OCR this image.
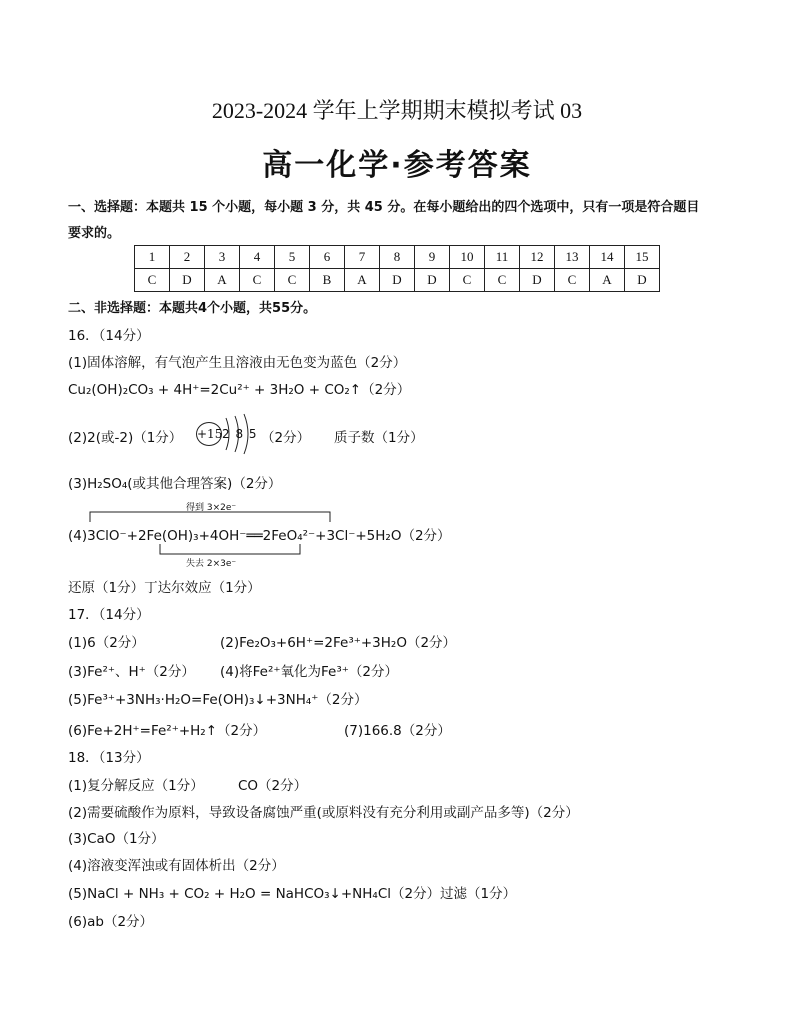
2023-2024 学年上学期期末模拟考试 03
高一化学·参考答案
一、选择题：本题共 15 个小题，每小题 3 分，共 45 分。在每小题给出的四个选项中，只有一项是符合题目
要求的。
1	2	3	4	5	6	7	8	9	10	11	12	13	14	15
C	D	A	C	C	B	A	D	D	C	C	D	C	A	D
二、非选择题：本题共4个小题，共55分。
16．（14分）
(1)固体溶解，有气泡产生且溶液由无色变为蓝色（2分）
Cu₂(OH)₂CO₃ + 4H⁺=2Cu²⁺ + 3H₂O + CO₂↑（2分）
(2)2(或-2)（1分） +15 2 8 5 （2分） 质子数（1分）
(3)H₂SO₄(或其他合理答案)（2分）
得到 3×2e⁻
(4)3ClO⁻+2Fe(OH)₃+4OH⁻══2FeO₄²⁻+3Cl⁻+5H₂O（2分）
失去 2×3e⁻
还原（1分）丁达尔效应（1分）
17．（14分）
(1)6（2分）	(2)Fe₂O₃+6H⁺=2Fe³⁺+3H₂O（2分）
(3)Fe²⁺、H⁺（2分） (4)将Fe²⁺氧化为Fe³⁺（2分）
(5)Fe³⁺+3NH₃·H₂O=Fe(OH)₃↓+3NH₄⁺（2分）
(6)Fe+2H⁺=Fe²⁺+H₂↑（2分）	(7)166.8（2分）
18．（13分）
(1)复分解反应（1分）	CO（2分）
(2)需要硫酸作为原料，导致设备腐蚀严重(或原料没有充分利用或副产品多等)（2分）
(3)CaO（1分）
(4)溶液变浑浊或有固体析出（2分）
(5)NaCl + NH₃ + CO₂ + H₂O = NaHCO₃↓+NH₄Cl（2分） 过滤（1分）
(6)ab（2分）
